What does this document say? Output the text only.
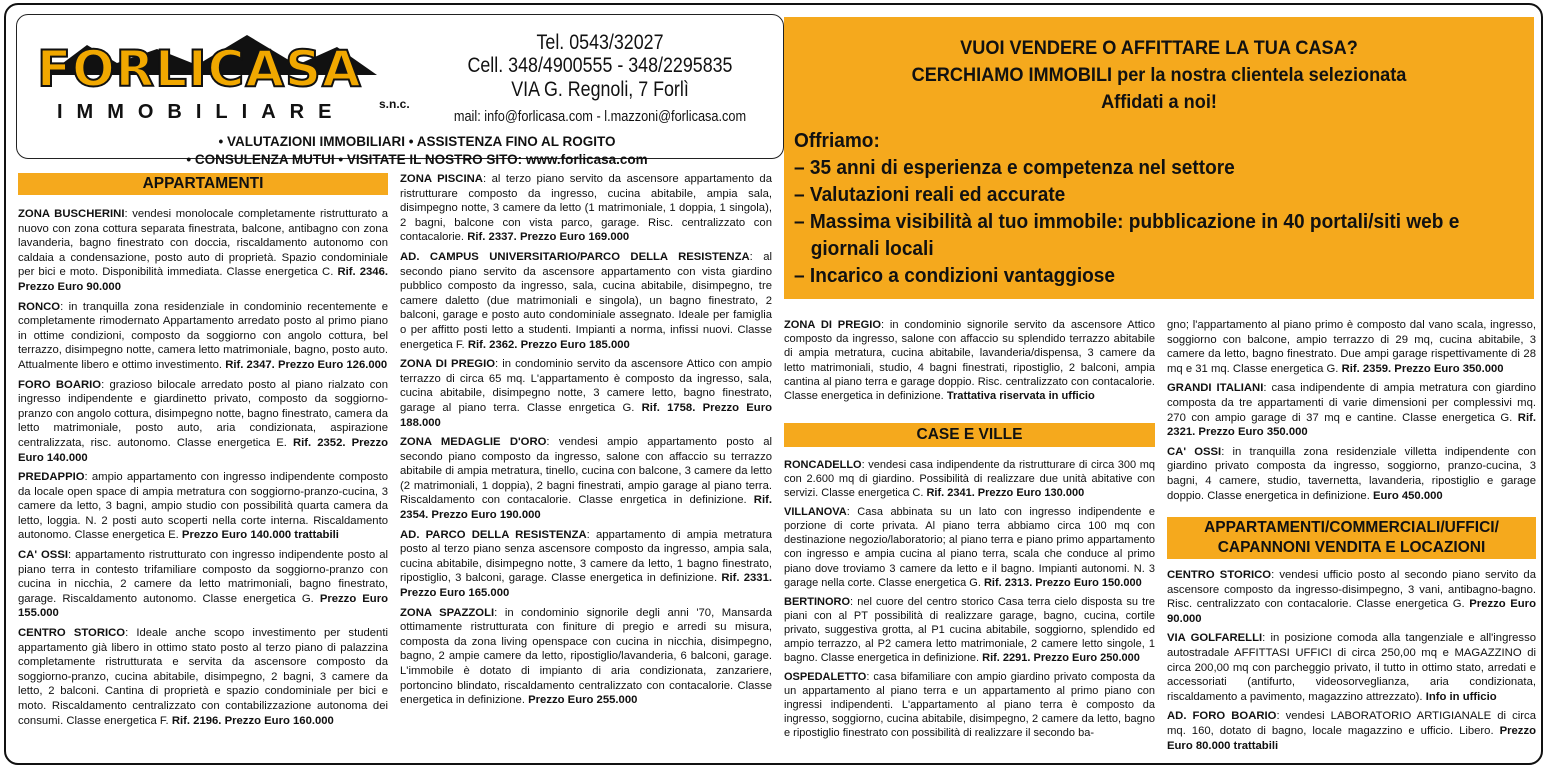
FORLICASA
IMMOBILIARE	s.n.c.
Tel. 0543/32027
Cell. 348/4900555 - 348/2295835
VIA G. Regnoli, 7 Forlì
mail: info@forlicasa.com - l.mazzoni@forlicasa.com
• VALUTAZIONI IMMOBILIARI • ASSISTENZA FINO AL ROGITO
• CONSULENZA MUTUI • VISITATE IL NOSTRO SITO: www.forlicasa.com
VUOI VENDERE O AFFITTARE LA TUA CASA?
CERCHIAMO IMMOBILI per la nostra clientela selezionata
Affidati a noi!
Offriamo:
– 35 anni di esperienza e competenza nel settore
– Valutazioni reali ed accurate
– Massima visibilità al tuo immobile: pubblicazione in 40 portali/siti web e
giornali locali
– Incarico a condizioni vantaggiose
APPARTAMENTI
CASE E VILLE
APPARTAMENTI/COMMERCIALI/UFFICI/
CAPANNONI VENDITA E LOCAZIONI

ZONA BUSCHERINI: vendesi monolocale completamente ristrutturato a nuovo con zona cottura separata finestrata, balcone, antibagno con zona lavanderia, bagno finestrato con doccia, riscaldamento autonomo con caldaia a condensazione, posto auto di proprietà. Spazio condominiale per bici e moto. Disponibilità immediata. Classe energetica C. Rif. 2346. Prezzo Euro 90.000

RONCO: in tranquilla zona residenziale in condominio recentemente e completamente rimodernato Appartamento arredato posto al primo piano in ottime condizioni, composto da soggiorno con angolo cottura, bel terrazzo, disimpegno notte, camera letto matrimoniale, bagno, posto auto. Attualmente libero e ottimo investimento. Rif. 2347. Prezzo Euro 126.000

FORO BOARIO: grazioso bilocale arredato posto al piano rialzato con ingresso indipendente e giardinetto privato, composto da soggiorno-pranzo con angolo cottura, disimpegno notte, bagno finestrato, camera da letto matrimoniale, posto auto, aria condizionata, aspirazione centralizzata, risc. autonomo. Classe energetica E. Rif. 2352. Prezzo Euro 140.000

PREDAPPIO: ampio appartamento con ingresso indipendente composto da locale open space di ampia metratura con soggiorno-pranzo-cucina, 3 camere da letto, 3 bagni, ampio studio con possibilità quarta camera da letto, loggia. N. 2 posti auto scoperti nella corte interna. Riscaldamento autonomo. Classe energetica E. Prezzo Euro 140.000 trattabili

CA' OSSI: appartamento ristrutturato con ingresso indipendente posto al piano terra in contesto trifamiliare composto da soggiorno-pranzo con cucina in nicchia, 2 camere da letto matrimoniali, bagno finestrato, garage. Riscaldamento autonomo. Classe energetica G. Prezzo Euro 155.000

CENTRO STORICO: Ideale anche scopo investimento per studenti appartamento già libero in ottimo stato posto al terzo piano di palazzina completamente ristrutturata e servita da ascensore composto da soggiorno-pranzo, cucina abitabile, disimpegno, 2 bagni, 3 camere da letto, 2 balconi. Cantina di proprietà e spazio condominiale per bici e moto. Riscaldamento centralizzato con contabilizzazione autonoma dei consumi. Classe energetica F. Rif. 2196. Prezzo Euro 160.000

ZONA PISCINA: al terzo piano servito da ascensore appartamento da ristrutturare composto da ingresso, cucina abitabile, ampia sala, disimpegno notte, 3 camere da letto (1 matrimoniale, 1 doppia, 1 singola), 2 bagni, balcone con vista parco, garage. Risc. centralizzato con contacalorie. Rif. 2337. Prezzo Euro 169.000

AD. CAMPUS UNIVERSITARIO/PARCO DELLA RESISTENZA: al secondo piano servito da ascensore appartamento con vista giardino pubblico composto da ingresso, sala, cucina abitabile, disimpegno, tre camere daletto (due matrimoniali e singola), un bagno finestrato, 2 balconi, garage e posto auto condominiale assegnato. Ideale per famiglia o per affitto posti letto a studenti. Impianti a norma, infissi nuovi. Classe energetica F. Rif. 2362. Prezzo Euro 185.000

ZONA DI PREGIO: in condominio servito da ascensore Attico con ampio terrazzo di circa 65 mq. L'appartamento è composto da ingresso, sala, cucina abitabile, disimpegno notte, 3 camere letto, bagno finestrato, garage al piano terra. Classe enrgetica G. Rif. 1758. Prezzo Euro 188.000

ZONA MEDAGLIE D'ORO: vendesi ampio appartamento posto al secondo piano composto da ingresso, salone con affaccio su terrazzo abitabile di ampia metratura, tinello, cucina con balcone, 3 camere da letto (2 matrimoniali, 1 doppia), 2 bagni finestrati, ampio garage al piano terra. Riscaldamento con contacalorie. Classe enrgetica in definizione. Rif. 2354. Prezzo Euro 190.000

AD. PARCO DELLA RESISTENZA: appartamento di ampia metratura posto al terzo piano senza ascensore composto da ingresso, ampia sala, cucina abitabile, disimpegno notte, 3 camere da letto, 1 bagno finestrato, ripostiglio, 3 balconi, garage. Classe energetica in definizione. Rif. 2331. Prezzo Euro 165.000

ZONA SPAZZOLI: in condominio signorile degli anni '70, Mansarda ottimamente ristrutturata con finiture di pregio e arredi su misura, composta da zona living openspace con cucina in nicchia, disimpegno, bagno, 2 ampie camere da letto, ripostiglio/lavanderia, 6 balconi, garage. L'immobile è dotato di impianto di aria condizionata, zanzariere, portoncino blindato, riscaldamento centralizzato con contacalorie. Classe energetica in definizione. Prezzo Euro 255.000

ZONA DI PREGIO: in condominio signorile servito da ascensore Attico composto da ingresso, salone con affaccio su splendido terrazzo abitabile di ampia metratura, cucina abitabile, lavanderia/dispensa, 3 camere da letto matrimoniali, studio, 4 bagni finestrati, ripostiglio, 2 balconi, ampia cantina al piano terra e garage doppio. Risc. centralizzato con contacalorie. Classe energetica in definizione. Trattativa riservata in ufficio

RONCADELLO: vendesi casa indipendente da ristrutturare di circa 300 mq con 2.600 mq di giardino. Possibilità di realizzare due unità abitative con servizi. Classe energetica C. Rif. 2341. Prezzo Euro 130.000

VILLANOVA: Casa abbinata su un lato con ingresso indipendente e porzione di corte privata. Al piano terra abbiamo circa 100 mq con destinazione negozio/laboratorio; al piano terra e piano primo appartamento con ingresso e ampia cucina al piano terra, scala che conduce al primo piano dove troviamo 3 camere da letto e il bagno. Impianti autonomi. N. 3 garage nella corte. Classe energetica G. Rif. 2313. Prezzo Euro 150.000

BERTINORO: nel cuore del centro storico Casa terra cielo disposta su tre piani con al PT possibilità di realizzare garage, bagno, cucina, cortile privato, suggestiva grotta, al P1 cucina abitabile, soggiorno, splendido ed ampio terrazzo, al P2 camera letto matrimoniale, 2 camere letto singole, 1 bagno. Classe energetica in definizione. Rif. 2291. Prezzo Euro 250.000

OSPEDALETTO: casa bifamiliare con ampio giardino privato composta da un appartamento al piano terra e un appartamento al primo piano con ingressi indipendenti. L'appartamento al piano terra è composto da ingresso, soggiorno, cucina abitabile, disimpegno, 2 camere da letto, bagno e ripostiglio finestrato con possibilità di realizzare il secondo ba-

gno; l'appartamento al piano primo è composto dal vano scala, ingresso, soggiorno con balcone, ampio terrazzo di 29 mq, cucina abitabile, 3 camere da letto, bagno finestrato. Due ampi garage rispettivamente di 28 mq e 31 mq. Classe energetica G. Rif. 2359. Prezzo Euro 350.000

GRANDI ITALIANI: casa indipendente di ampia metratura con giardino composta da tre appartamenti di varie dimensioni per complessivi mq. 270 con ampio garage di 37 mq e cantine. Classe energetica G. Rif. 2321. Prezzo Euro 350.000

CA' OSSI: in tranquilla zona residenziale villetta indipendente con giardino privato composta da ingresso, soggiorno, pranzo-cucina, 3 bagni, 4 camere, studio, tavernetta, lavanderia, ripostiglio e garage doppio. Classe energetica in definizione. Euro 450.000

CENTRO STORICO: vendesi ufficio posto al secondo piano servito da ascensore composto da ingresso-disimpegno, 3 vani, antibagno-bagno. Risc. centralizzato con contacalorie. Classe energetica G. Prezzo Euro 90.000

VIA GOLFARELLI: in posizione comoda alla tangenziale e all'ingresso autostradale AFFITTASI UFFICI di circa 250,00 mq e MAGAZZINO di circa 200,00 mq con parcheggio privato, il tutto in ottimo stato, arredati e accessoriati (antifurto, videosorveglianza, aria condizionata, riscaldamento a pavimento, magazzino attrezzato). Info in ufficio

AD. FORO BOARIO: vendesi LABORATORIO ARTIGIANALE di circa mq. 160, dotato di bagno, locale magazzino e ufficio. Libero. Prezzo Euro 80.000 trattabili
